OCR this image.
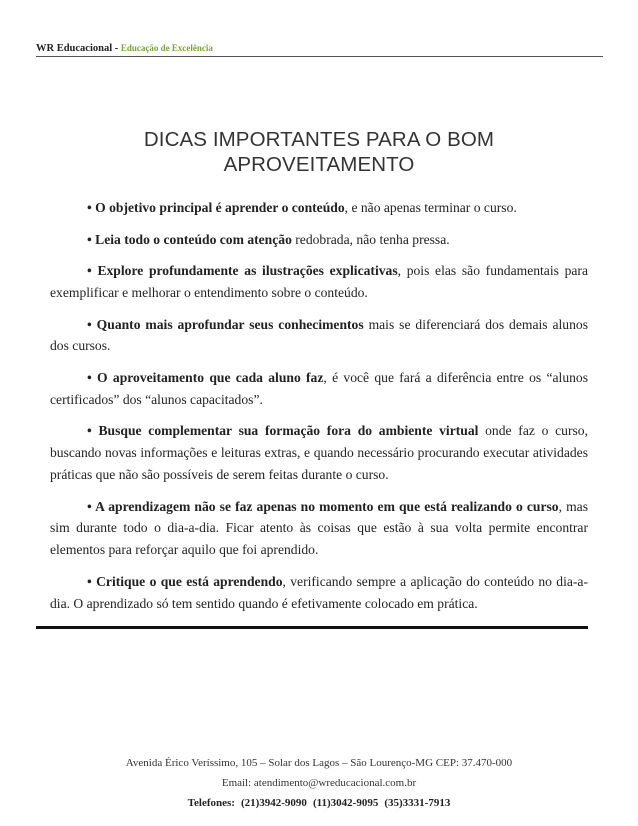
WR Educacional - Educação de Excelência
DICAS IMPORTANTES PARA O BOM
APROVEITAMENTO

• O objetivo principal é aprender o conteúdo, e não apenas terminar o curso.

• Leia todo o conteúdo com atenção redobrada, não tenha pressa.

• Explore profundamente as ilustrações explicativas, pois elas são fundamentais para exemplificar e melhorar o entendimento sobre o conteúdo.

• Quanto mais aprofundar seus conhecimentos mais se diferenciará dos demais alunos dos cursos.

• O aproveitamento que cada aluno faz, é você que fará a diferência entre os “alunos certificados” dos “alunos capacitados”.

• Busque complementar sua formação fora do ambiente virtual onde faz o curso, buscando novas informações e leituras extras, e quando necessário procurando executar atividades práticas que não são possíveis de serem feitas durante o curso.

• A aprendizagem não se faz apenas no momento em que está realizando o curso, mas sim durante todo o dia-a-dia. Ficar atento às coisas que estão à sua volta permite encontrar elementos para reforçar aquilo que foi aprendido.

• Critique o que está aprendendo, verificando sempre a aplicação do conteúdo no dia-a-dia. O aprendizado só tem sentido quando é efetivamente colocado em prática.

Avenida Érico Veríssimo, 105 – Solar dos Lagos – São Lourenço-MG CEP: 37.470-000
Email: atendimento@wreducacional.com.br
Telefones: (21)3942-9090 (11)3042-9095 (35)3331-7913
